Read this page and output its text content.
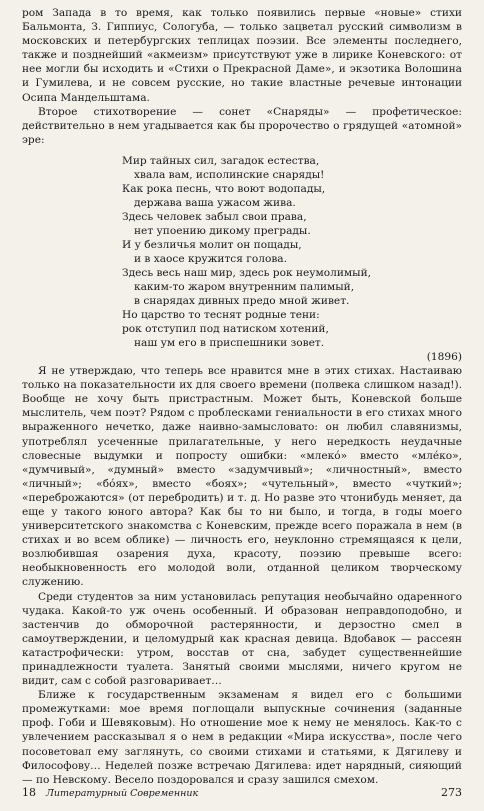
ром Запада в то время, как только появились первые «новые» стихи Бальмонта, З. Гиппиус, Сологуба, — только зацветал русский символизм в московских и петербургских теплицах поэзии. Все элементы последнего, также и позднейший «акмеизм» присутствуют уже в лирике Коневского: от нее могли бы исходить и «Стихи о Прекрасной Даме», и экзотика Волошина и Гумилева, и не совсем русские, но такие властные речевые интонации Осипа Мандельштама.

Второе стихотворение — сонет «Снаряды» — профетическое: действительно в нем угадывается как бы пророчество о грядущей «атомной» эре:

Мир тайных сил, загадок естества,
хвала вам, исполинские снаряды!
Как рока песнь, что воют водопады,
держава ваша ужасом жива.
Здесь человек забыл свои права,
нет упоению дикому преграды.
И у безличья молит он пощады,
и в хаосе кружится голова.
Здесь весь наш мир, здесь рок неумолимый,
каким-то жаром внутренним палимый,
в снарядах дивных предо мной живет.
Но царство то теснят родные тени:
рок отступил под натиском хотений,
наш ум его в приспешники зовет.

(1896)

Я не утверждаю, что теперь все нравится мне в этих стихах. Настаиваю только на показательности их для своего времени (полвека слишком назад!). Вообще не хочу быть пристрастным. Может быть, Коневской больше мыслитель, чем поэт? Рядом с проблесками гениальности в его стихах много выраженного нечетко, даже наивно-замысловато: он любил славянизмы, употреблял усеченные прилагательные, у него нередкость неудачные словесные выдумки и попросту ошибки: «млекó» вместо «млéко», «думчивый», «думный» вместо «задумчивый»; «личностный», вместо «личный»; «бóях», вместо «боях»; «чутельный», вместо «чуткий»; «переброжаются» (от перебродить) и т. д. Но разве это чтонибудь меняет, да еще у такого юного автора? Как бы то ни было, и тогда, в годы моего университетского знакомства с Коневским, прежде всего поражала в нем (в стихах и во всем облике) — личность его, неуклонно стремящаяся к цели, возлюбившая озарения духа, красоту, поэзию превыше всего: необыкновенность его молодой воли, отданной целиком творческому служению.

Среди студентов за ним установилась репутация необычайно одаренного чудака. Какой-то уж очень особенный. И образован неправдоподобно, и застенчив до обморочной растерянности, и дерзостно смел в самоутверждении, и целомудрый как красная девица. Вдобавок — рассеян катастрофически: утром, восстав от сна, забудет существеннейшие принадлежности туалета. Занятый своими мыслями, ничего кругом не видит, сам с собой разговаривает…

Ближе к государственным экзаменам я видел его с большими промежутками: мое время поглощали выпускные сочинения (заданные проф. Гоби и Шевяковым). Но отношение мое к нему не менялось. Как-то с увлечением рассказывал я о нем в редакции «Мира искусства», после чего посоветовал ему заглянуть, со своими стихами и статьями, к Дягилеву и Философову… Неделей позже встречаю Дягилева: идет нарядный, сияющий — по Невскому. Весело поздоровался и сразу зашился смехом.

18 Литературный Современник	273
